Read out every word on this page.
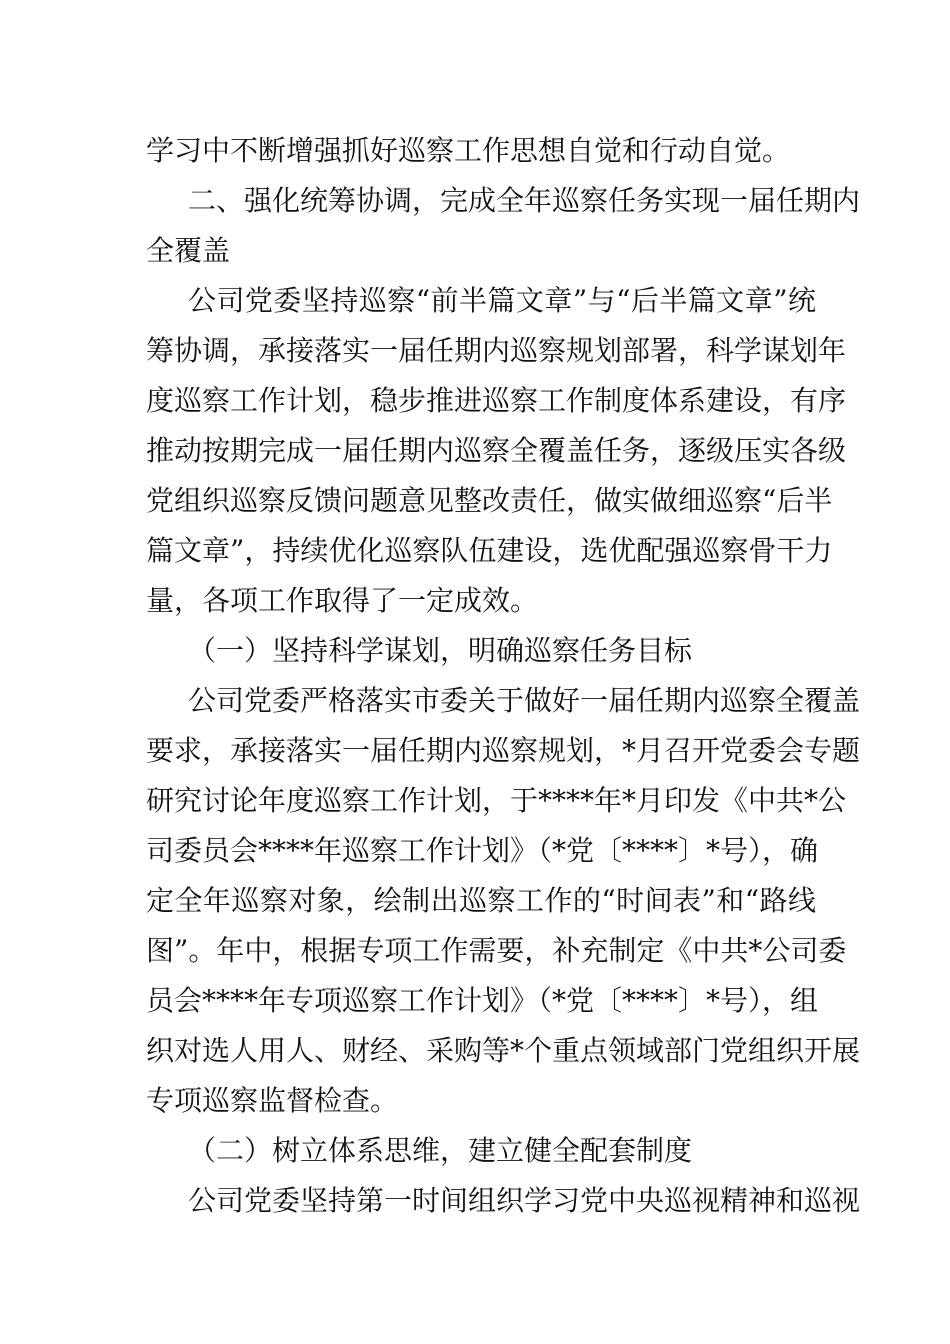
学习中不断增强抓好巡察工作思想自觉和行动自觉。

二、强化统筹协调，完成全年巡察任务实现一届任期内

全覆盖

公司党委坚持巡察“前半篇文章”与“后半篇文章”统

筹协调，承接落实一届任期内巡察规划部署，科学谋划年

度巡察工作计划，稳步推进巡察工作制度体系建设，有序

推动按期完成一届任期内巡察全覆盖任务，逐级压实各级

党组织巡察反馈问题意见整改责任，做实做细巡察“后半

篇文章”，持续优化巡察队伍建设，选优配强巡察骨干力

量，各项工作取得了一定成效。

（一）坚持科学谋划，明确巡察任务目标

公司党委严格落实市委关于做好一届任期内巡察全覆盖

要求，承接落实一届任期内巡察规划，*月召开党委会专题

研究讨论年度巡察工作计划，于****年*月印发《中共*公

司委员会****年巡察工作计划》（*党〔****〕*号），确

定全年巡察对象，绘制出巡察工作的“时间表”和“路线

图”。年中，根据专项工作需要，补充制定《中共*公司委

员会****年专项巡察工作计划》（*党〔****〕*号），组

织对选人用人、财经、采购等*个重点领域部门党组织开展

专项巡察监督检查。

（二）树立体系思维，建立健全配套制度

公司党委坚持第一时间组织学习党中央巡视精神和巡视
